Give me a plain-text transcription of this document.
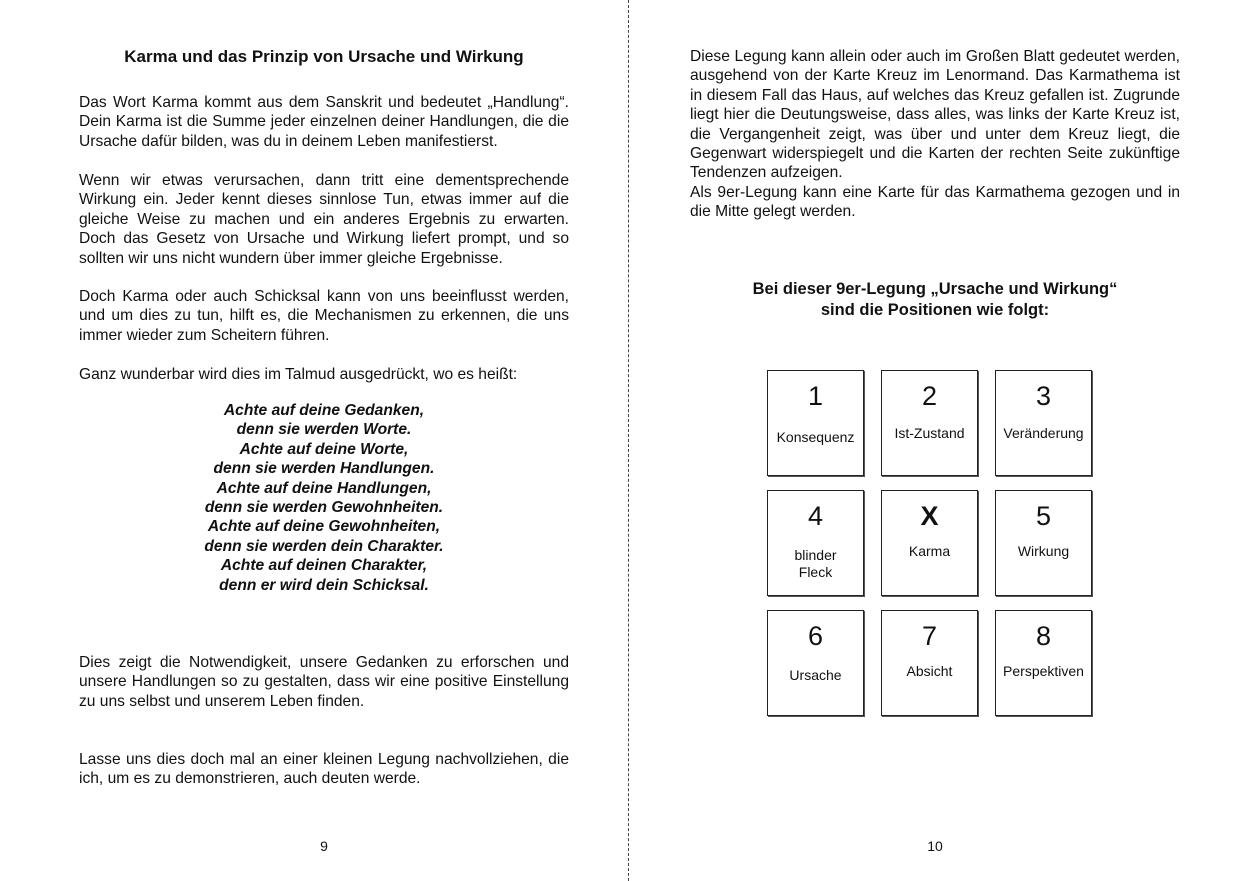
Karma und das Prinzip von Ursache und Wirkung

Das Wort Karma kommt aus dem Sanskrit und bedeutet „Handlung“. Dein Karma ist die Summe jeder einzelnen deiner Handlungen, die die Ursache dafür bilden, was du in deinem Leben manifestierst.

Wenn wir etwas verursachen, dann tritt eine dementsprechende Wirkung ein. Jeder kennt dieses sinnlose Tun, etwas immer auf die gleiche Weise zu machen und ein anderes Ergebnis zu erwarten. Doch das Gesetz von Ursache und Wirkung liefert prompt, und so sollten wir uns nicht wundern über immer gleiche Ergebnisse.

Doch Karma oder auch Schicksal kann von uns beeinflusst werden, und um dies zu tun, hilft es, die Mechanismen zu erkennen, die uns immer wieder zum Scheitern führen.

Ganz wunderbar wird dies im Talmud ausgedrückt, wo es heißt:

Achte auf deine Gedanken,
denn sie werden Worte.
Achte auf deine Worte,
denn sie werden Handlungen.
Achte auf deine Handlungen,
denn sie werden Gewohnheiten.
Achte auf deine Gewohnheiten,
denn sie werden dein Charakter.
Achte auf deinen Charakter,
denn er wird dein Schicksal.

Dies zeigt die Notwendigkeit, unsere Gedanken zu erforschen und unsere Handlungen so zu gestalten, dass wir eine positive Einstellung zu uns selbst und unserem Leben finden.

Lasse uns dies doch mal an einer kleinen Legung nachvollziehen, die ich, um es zu demonstrieren, auch deuten werde.

9

Diese Legung kann allein oder auch im Großen Blatt gedeutet werden, ausgehend von der Karte Kreuz im Lenormand. Das Karmathema ist in diesem Fall das Haus, auf welches das Kreuz gefallen ist. Zugrunde liegt hier die Deutungsweise, dass alles, was links der Karte Kreuz ist, die Vergangenheit zeigt, was über und unter dem Kreuz liegt, die Gegenwart widerspiegelt und die Karten der rechten Seite zukünftige Tendenzen aufzeigen.

Als 9er-Legung kann eine Karte für das Karmathema gezogen und in die Mitte gelegt werden.

Bei dieser 9er-Legung „Ursache und Wirkung“
sind die Positionen wie folgt:
1
Konsequenz
2
Ist-Zustand
3
Veränderung
4
blinder Fleck
X
Karma
5
Wirkung
6
Ursache
7
Absicht
8
Perspektiven
10
